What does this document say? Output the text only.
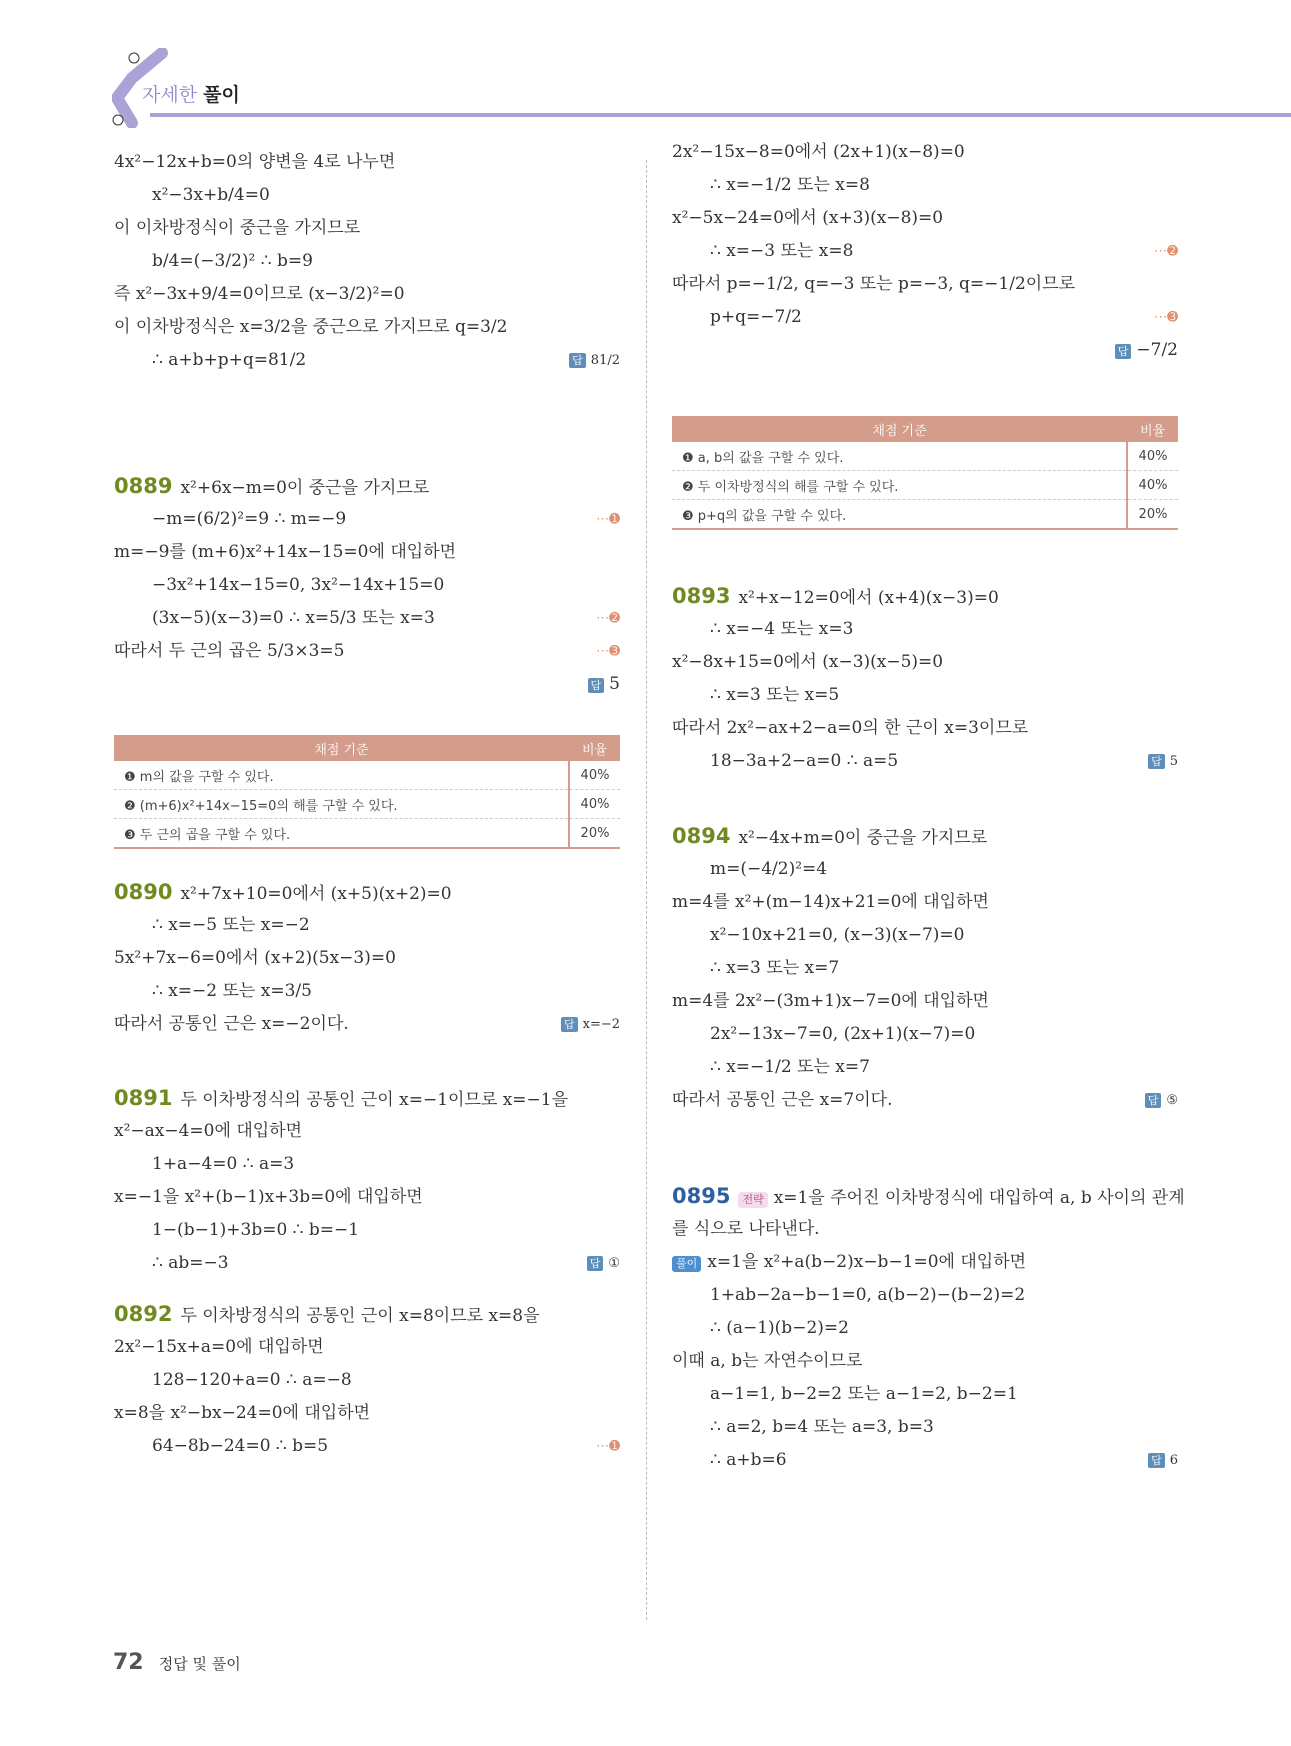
자세한 풀이
4x²−12x+b=0의 양변을 4로 나누면
x²−3x+b/4=0
이 이차방정식이 중근을 가지므로
b/4=(−3/2)² ∴ b=9
즉 x²−3x+9/4=0이므로 (x−3/2)²=0
이 이차방정식은 x=3/2을 중근으로 가지므로 q=3/2
∴ a+b+p+q=81/2	답 81/2
0889 x²+6x−m=0이 중근을 가지므로
−m=(6/2)²=9 ∴ m=−9	⋯➊
m=−9를 (m+6)x²+14x−15=0에 대입하면
−3x²+14x−15=0, 3x²−14x+15=0
(3x−5)(x−3)=0 ∴ x=5/3 또는 x=3	⋯➋
따라서 두 근의 곱은 5/3×3=5	⋯➌
답 5
채점 기준	비율
❶ m의 값을 구할 수 있다.	40%
❷ (m+6)x²+14x−15=0의 해를 구할 수 있다.	40%
❸ 두 근의 곱을 구할 수 있다.	20%
0890 x²+7x+10=0에서 (x+5)(x+2)=0
∴ x=−5 또는 x=−2
5x²+7x−6=0에서 (x+2)(5x−3)=0
∴ x=−2 또는 x=3/5
따라서 공통인 근은 x=−2이다.	답 x=−2
0891 두 이차방정식의 공통인 근이 x=−1이므로 x=−1을
x²−ax−4=0에 대입하면
1+a−4=0 ∴ a=3
x=−1을 x²+(b−1)x+3b=0에 대입하면
1−(b−1)+3b=0 ∴ b=−1
∴ ab=−3	답 ①
0892 두 이차방정식의 공통인 근이 x=8이므로 x=8을
2x²−15x+a=0에 대입하면
128−120+a=0 ∴ a=−8
x=8을 x²−bx−24=0에 대입하면
64−8b−24=0 ∴ b=5	⋯➊
2x²−15x−8=0에서 (2x+1)(x−8)=0
∴ x=−1/2 또는 x=8
x²−5x−24=0에서 (x+3)(x−8)=0
∴ x=−3 또는 x=8	⋯➋
따라서 p=−1/2, q=−3 또는 p=−3, q=−1/2이므로
p+q=−7/2	⋯➌
답 −7/2
채점 기준	비율
❶ a, b의 값을 구할 수 있다.	40%
❷ 두 이차방정식의 해를 구할 수 있다.	40%
❸ p+q의 값을 구할 수 있다.	20%
0893 x²+x−12=0에서 (x+4)(x−3)=0
∴ x=−4 또는 x=3
x²−8x+15=0에서 (x−3)(x−5)=0
∴ x=3 또는 x=5
따라서 2x²−ax+2−a=0의 한 근이 x=3이므로
18−3a+2−a=0 ∴ a=5	답 5
0894 x²−4x+m=0이 중근을 가지므로
m=(−4/2)²=4
m=4를 x²+(m−14)x+21=0에 대입하면
x²−10x+21=0, (x−3)(x−7)=0
∴ x=3 또는 x=7
m=4를 2x²−(3m+1)x−7=0에 대입하면
2x²−13x−7=0, (2x+1)(x−7)=0
∴ x=−1/2 또는 x=7
따라서 공통인 근은 x=7이다.	답 ⑤
0895 전략 x=1을 주어진 이차방정식에 대입하여 a, b 사이의 관계
를 식으로 나타낸다.
풀이 x=1을 x²+a(b−2)x−b−1=0에 대입하면
1+ab−2a−b−1=0, a(b−2)−(b−2)=2
∴ (a−1)(b−2)=2
이때 a, b는 자연수이므로
a−1=1, b−2=2 또는 a−1=2, b−2=1
∴ a=2, b=4 또는 a=3, b=3
∴ a+b=6	답 6
72 정답 및 풀이
